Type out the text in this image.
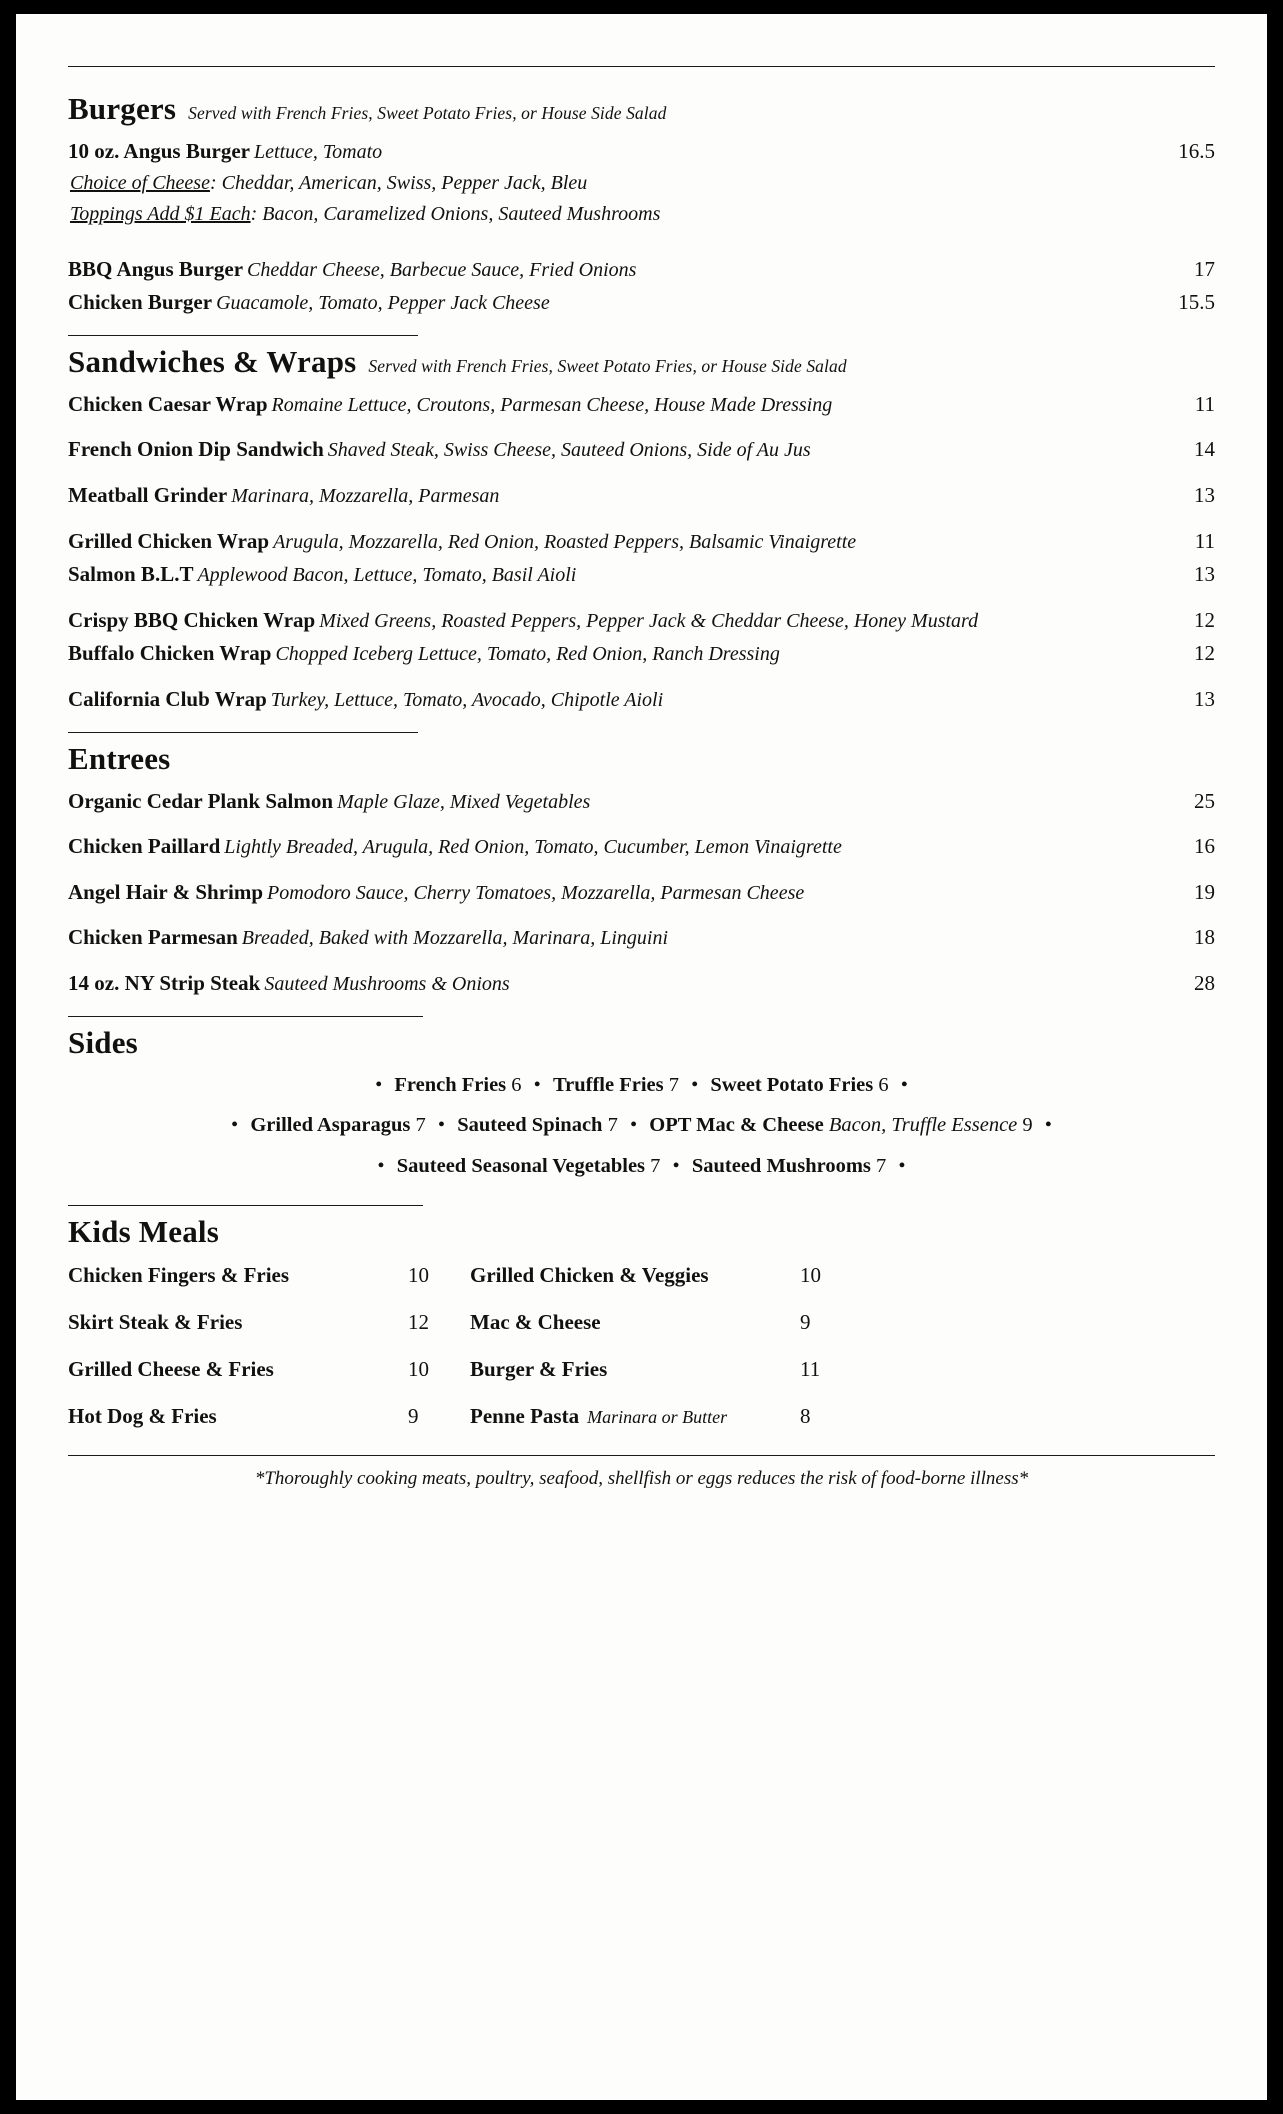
Burgers Served with French Fries, Sweet Potato Fries, or House Side Salad
10 oz. Angus Burger Lettuce, Tomato	16.5
Choice of Cheese: Cheddar, American, Swiss, Pepper Jack, Bleu
Toppings Add $1 Each: Bacon, Caramelized Onions, Sauteed Mushrooms
BBQ Angus Burger Cheddar Cheese, Barbecue Sauce, Fried Onions	17
Chicken Burger Guacamole, Tomato, Pepper Jack Cheese	15.5
Sandwiches & Wraps Served with French Fries, Sweet Potato Fries, or House Side Salad
Chicken Caesar Wrap Romaine Lettuce, Croutons, Parmesan Cheese, House Made Dressing	11
French Onion Dip Sandwich Shaved Steak, Swiss Cheese, Sauteed Onions, Side of Au Jus	14
Meatball Grinder Marinara, Mozzarella, Parmesan	13
Grilled Chicken Wrap Arugula, Mozzarella, Red Onion, Roasted Peppers, Balsamic Vinaigrette	11
Salmon B.L.T Applewood Bacon, Lettuce, Tomato, Basil Aioli	13
Crispy BBQ Chicken Wrap Mixed Greens, Roasted Peppers, Pepper Jack & Cheddar Cheese, Honey Mustard	12
Buffalo Chicken Wrap Chopped Iceberg Lettuce, Tomato, Red Onion, Ranch Dressing	12
California Club Wrap Turkey, Lettuce, Tomato, Avocado, Chipotle Aioli	13
Entrees
Organic Cedar Plank Salmon Maple Glaze, Mixed Vegetables	25
Chicken Paillard Lightly Breaded, Arugula, Red Onion, Tomato, Cucumber, Lemon Vinaigrette	16
Angel Hair & Shrimp Pomodoro Sauce, Cherry Tomatoes, Mozzarella, Parmesan Cheese	19
Chicken Parmesan Breaded, Baked with Mozzarella, Marinara, Linguini	18
14 oz. NY Strip Steak Sauteed Mushrooms & Onions	28
Sides
• French Fries 6 • Truffle Fries 7 • Sweet Potato Fries 6 •
• Grilled Asparagus 7 • Sauteed Spinach 7 • OPT Mac & Cheese Bacon, Truffle Essence 9 •
• Sauteed Seasonal Vegetables 7 • Sauteed Mushrooms 7 •
Kids Meals
Chicken Fingers & Fries	10	Grilled Chicken & Veggies	10
Skirt Steak & Fries	12	Mac & Cheese	9
Grilled Cheese & Fries	10	Burger & Fries	11
Hot Dog & Fries	9	Penne Pasta Marinara or Butter	8
*Thoroughly cooking meats, poultry, seafood, shellfish or eggs reduces the risk of food-borne illness*
